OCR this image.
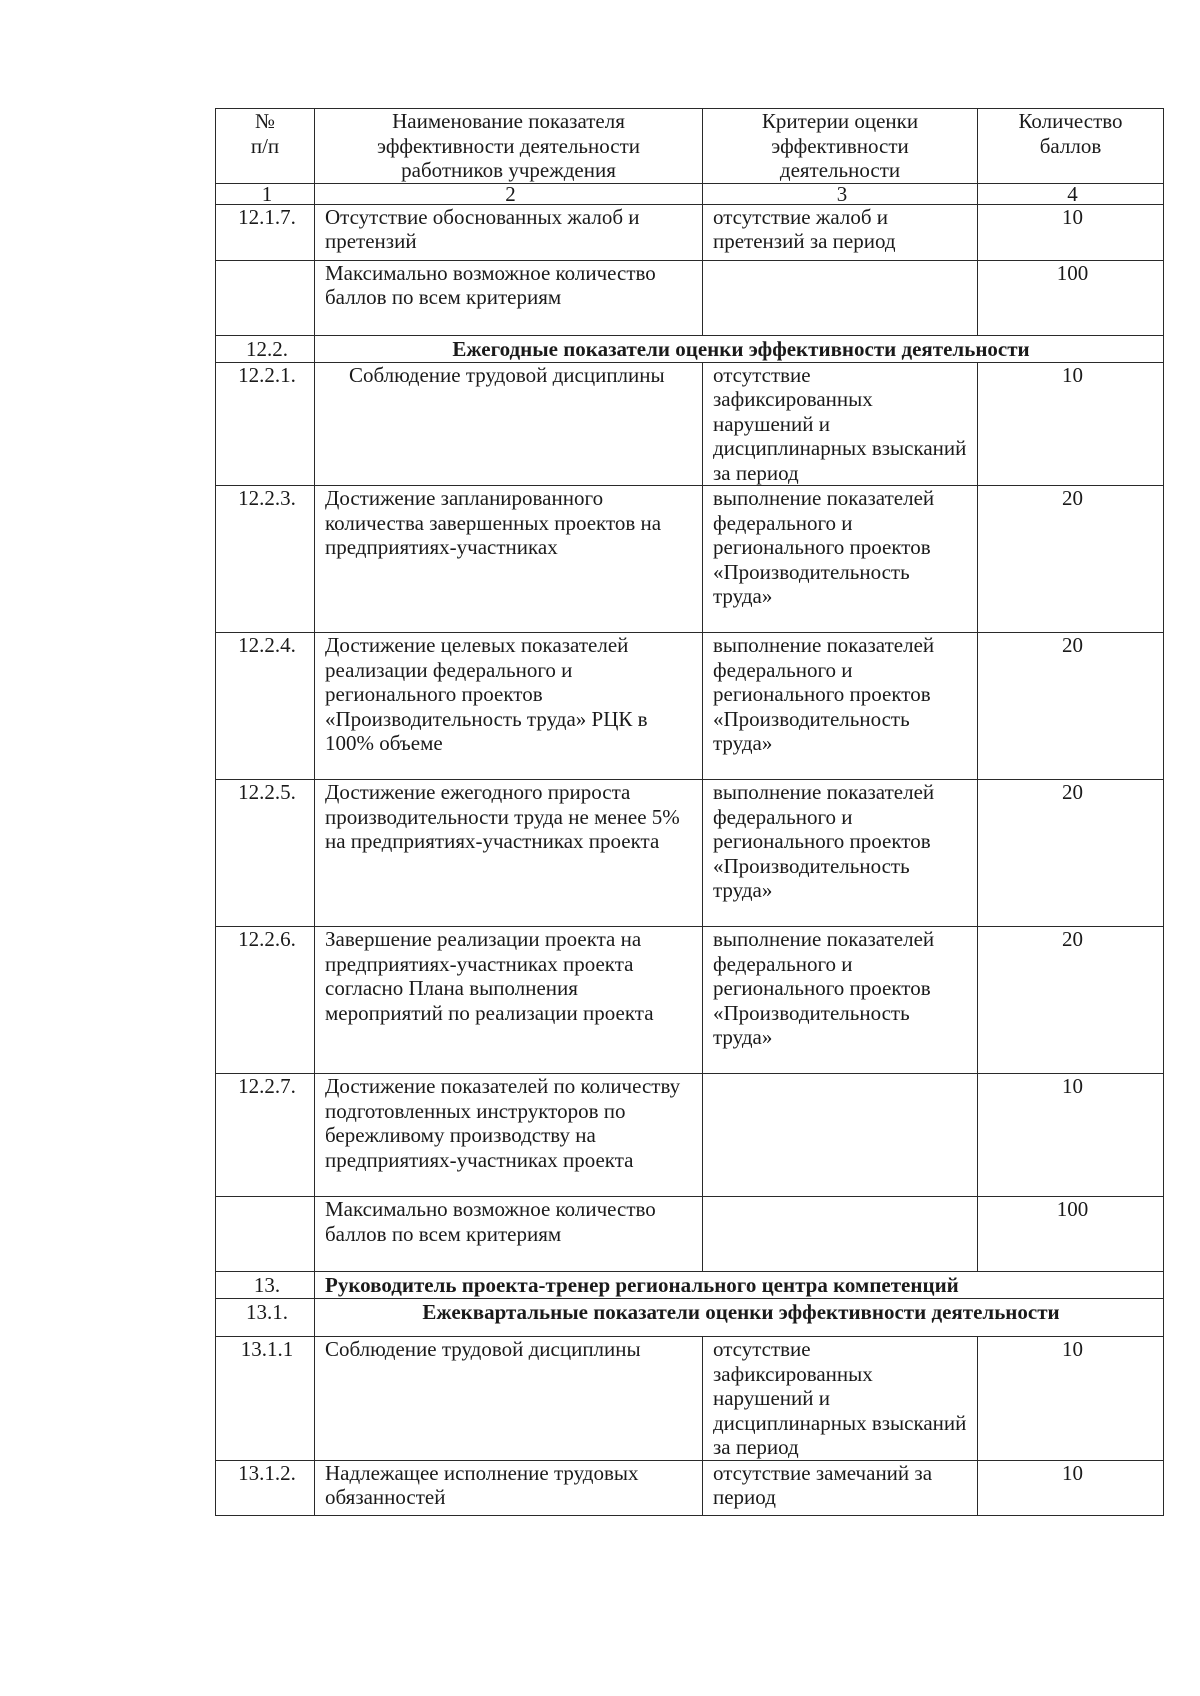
№ п/п	Наименование показателя эффективности деятельности работников учреждения	Критерии оценки эффективности деятельности	Количество баллов
1	2	3	4
12.1.7.	Отсутствие обоснованных жалоб и претензий	отсутствие жалоб и претензий за период	10
	Максимально возможное количество баллов по всем критериям		100
12.2.	Ежегодные показатели оценки эффективности деятельности		
12.2.1.	Соблюдение трудовой дисциплины	отсутствие зафиксированных нарушений и дисциплинарных взысканий за период	10
12.2.3.	Достижение запланированного количества завершенных проектов на предприятиях-участниках	выполнение показателей федерального и регионального проектов «Производительность труда»	20
12.2.4.	Достижение целевых показателей реализации федерального и регионального проектов «Производительность труда» РЦК в 100% объеме	выполнение показателей федерального и регионального проектов «Производительность труда»	20
12.2.5.	Достижение ежегодного прироста производительности труда не менее 5% на предприятиях-участниках проекта	выполнение показателей федерального и регионального проектов «Производительность труда»	20
12.2.6.	Завершение реализации проекта на предприятиях-участниках проекта согласно Плана выполнения мероприятий по реализации проекта	выполнение показателей федерального и регионального проектов «Производительность труда»	20
12.2.7.	Достижение показателей по количеству подготовленных инструкторов по бережливому производству на предприятиях-участниках проекта		10
	Максимально возможное количество баллов по всем критериям		100
13.	Руководитель проекта-тренер регионального центра компетенций		
13.1.	Ежеквартальные показатели оценки эффективности деятельности		
13.1.1	Соблюдение трудовой дисциплины	отсутствие зафиксированных нарушений и дисциплинарных взысканий за период	10
13.1.2.	Надлежащее исполнение трудовых обязанностей	отсутствие замечаний за период	10
